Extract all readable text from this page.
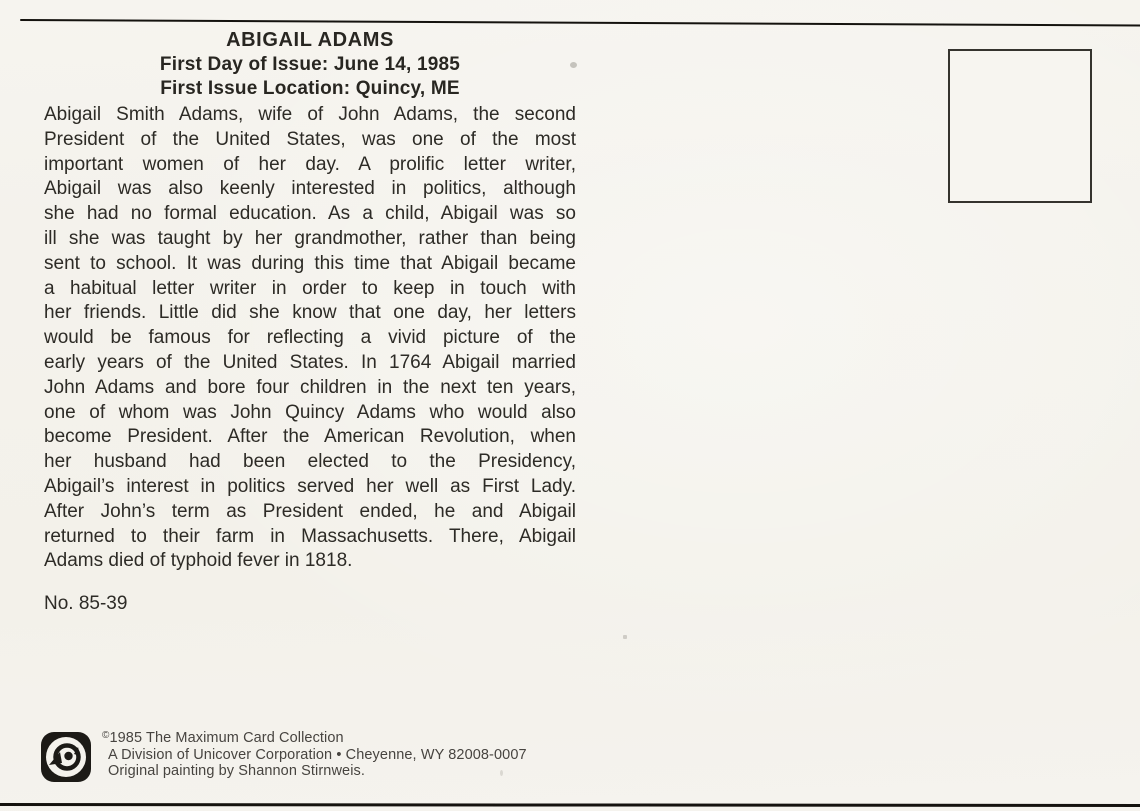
ABIGAIL ADAMS
First Day of Issue: June 14, 1985
First Issue Location: Quincy, ME
Abigail Smith Adams, wife of John Adams, the second
President of the United States, was one of the most
important women of her day. A prolific letter writer,
Abigail was also keenly interested in politics, although
she had no formal education. As a child, Abigail was so
ill she was taught by her grandmother, rather than being
sent to school. It was during this time that Abigail became
a habitual letter writer in order to keep in touch with
her friends. Little did she know that one day, her letters
would be famous for reflecting a vivid picture of the
early years of the United States. In 1764 Abigail married
John Adams and bore four children in the next ten years,
one of whom was John Quincy Adams who would also
become President. After the American Revolution, when
her husband had been elected to the Presidency,
Abigail’s interest in politics served her well as First Lady.
After John’s term as President ended, he and Abigail
returned to their farm in Massachusetts. There, Abigail
Adams died of typhoid fever in 1818.
No. 85-39
©1985 The Maximum Card Collection
A Division of Unicover Corporation • Cheyenne, WY 82008-0007
Original painting by Shannon Stirnweis.
